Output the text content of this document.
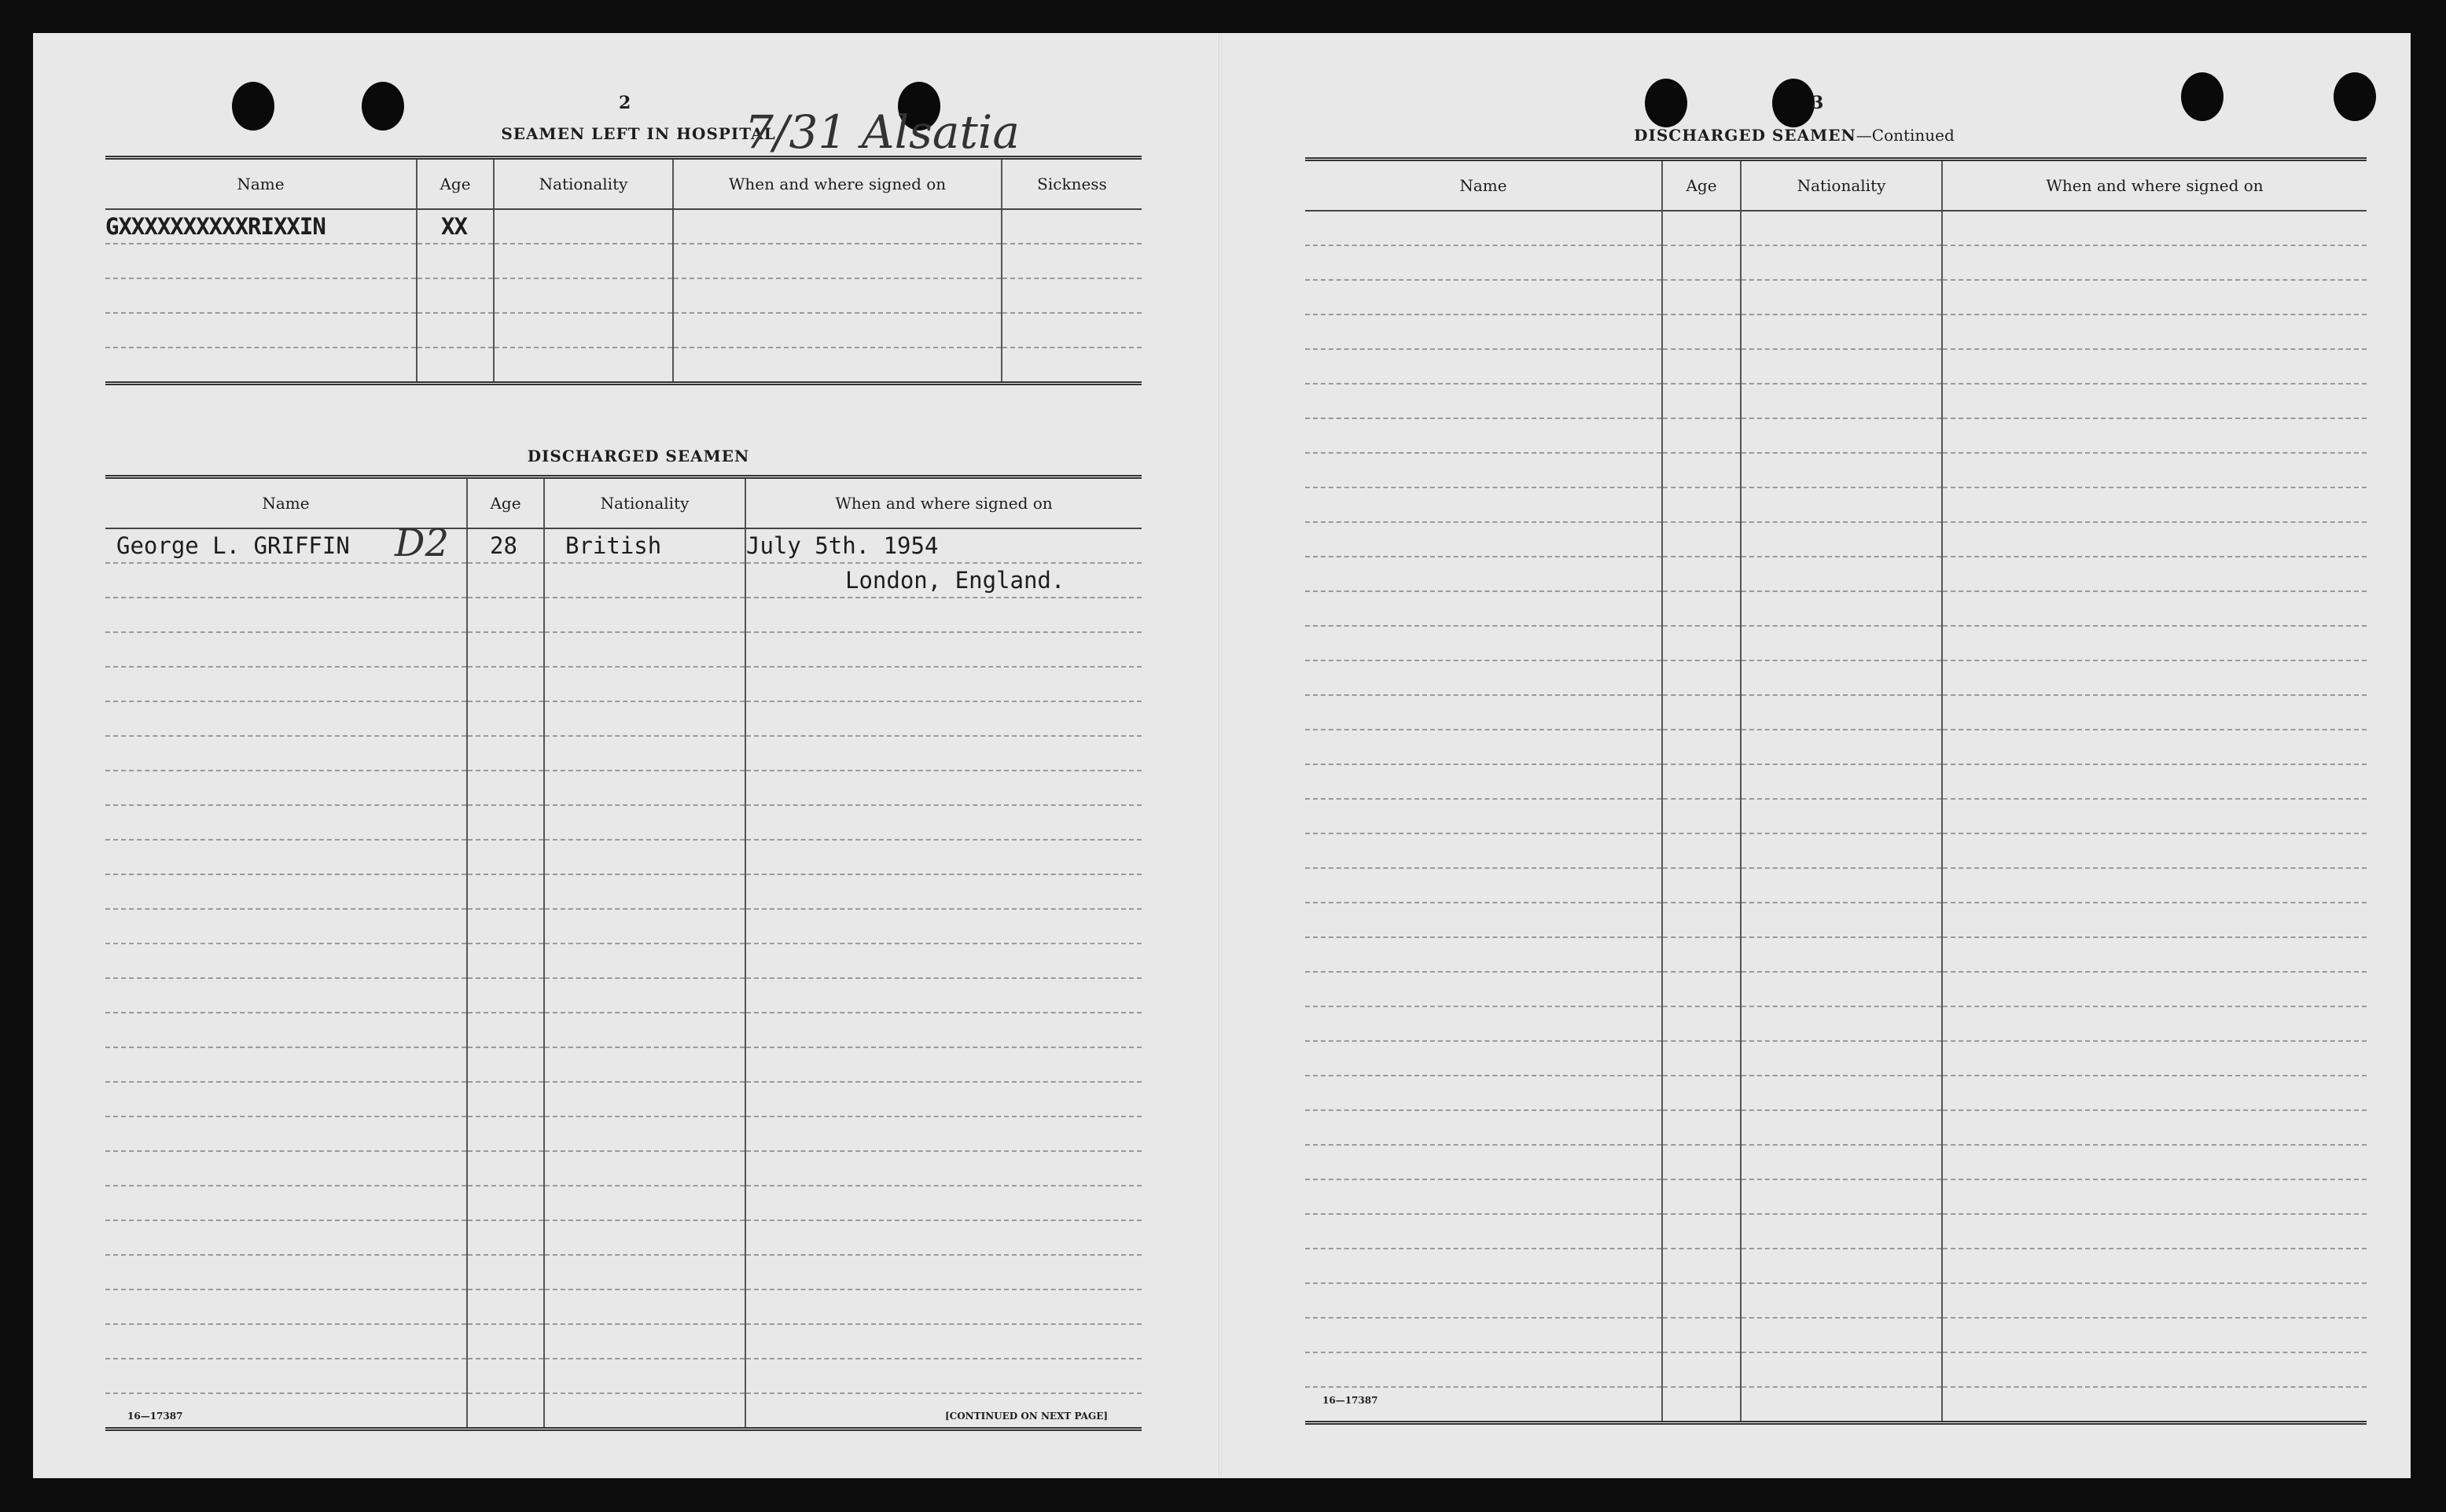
2
SEAMEN LEFT IN HOSPITAL
7/31 Alsatia
Name	Age	Nationality	When and where signed on	Sickness

GXXXXXXXXXXRIXXIN	XX			

DISCHARGED SEAMEN
Name	Age	Nationality	When and where signed on

George L. GRIFFIN D2	28	British	July 5th. 1954

			London, England.

16—17387	[CONTINUED ON NEXT PAGE]
3
DISCHARGED SEAMEN—Continued
Name	Age	Nationality	When and where signed on

16—17387
